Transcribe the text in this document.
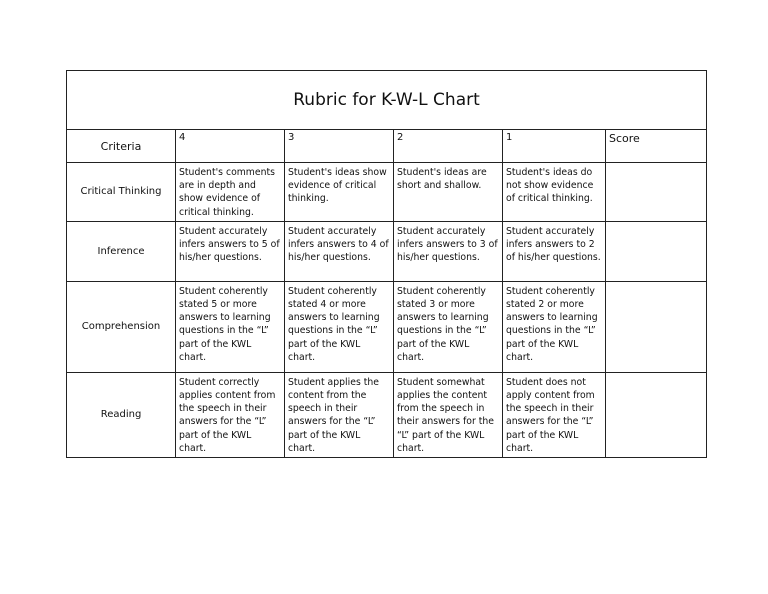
Rubric for K-W-L Chart					
Criteria	4	3	2	1	Score
Critical Thinking	Student's comments are in depth and show evidence of critical thinking.	Student's ideas show evidence of critical thinking.	Student's ideas are short and shallow.	Student's ideas do not show evidence of critical thinking.	
Inference	Student accurately infers answers to 5 of his/her questions.	Student accurately infers answers to 4 of his/her questions.	Student accurately infers answers to 3 of his/her questions.	Student accurately infers answers to 2 of his/her questions.	
Comprehension	Student coherently stated 5 or more answers to learning questions in the “L” part of the KWL chart.	Student coherently stated 4 or more answers to learning questions in the “L” part of the KWL chart.	Student coherently stated 3 or more answers to learning questions in the “L” part of the KWL chart.	Student coherently stated 2 or more answers to learning questions in the “L” part of the KWL chart.	
Reading	Student correctly applies content from the speech in their answers for the “L” part of the KWL chart.	Student applies the content from the speech in their answers for the “L” part of the KWL chart.	Student somewhat applies the content from the speech in their answers for the “L” part of the KWL chart.	Student does not apply content from the speech in their answers for the “L” part of the KWL chart.	
